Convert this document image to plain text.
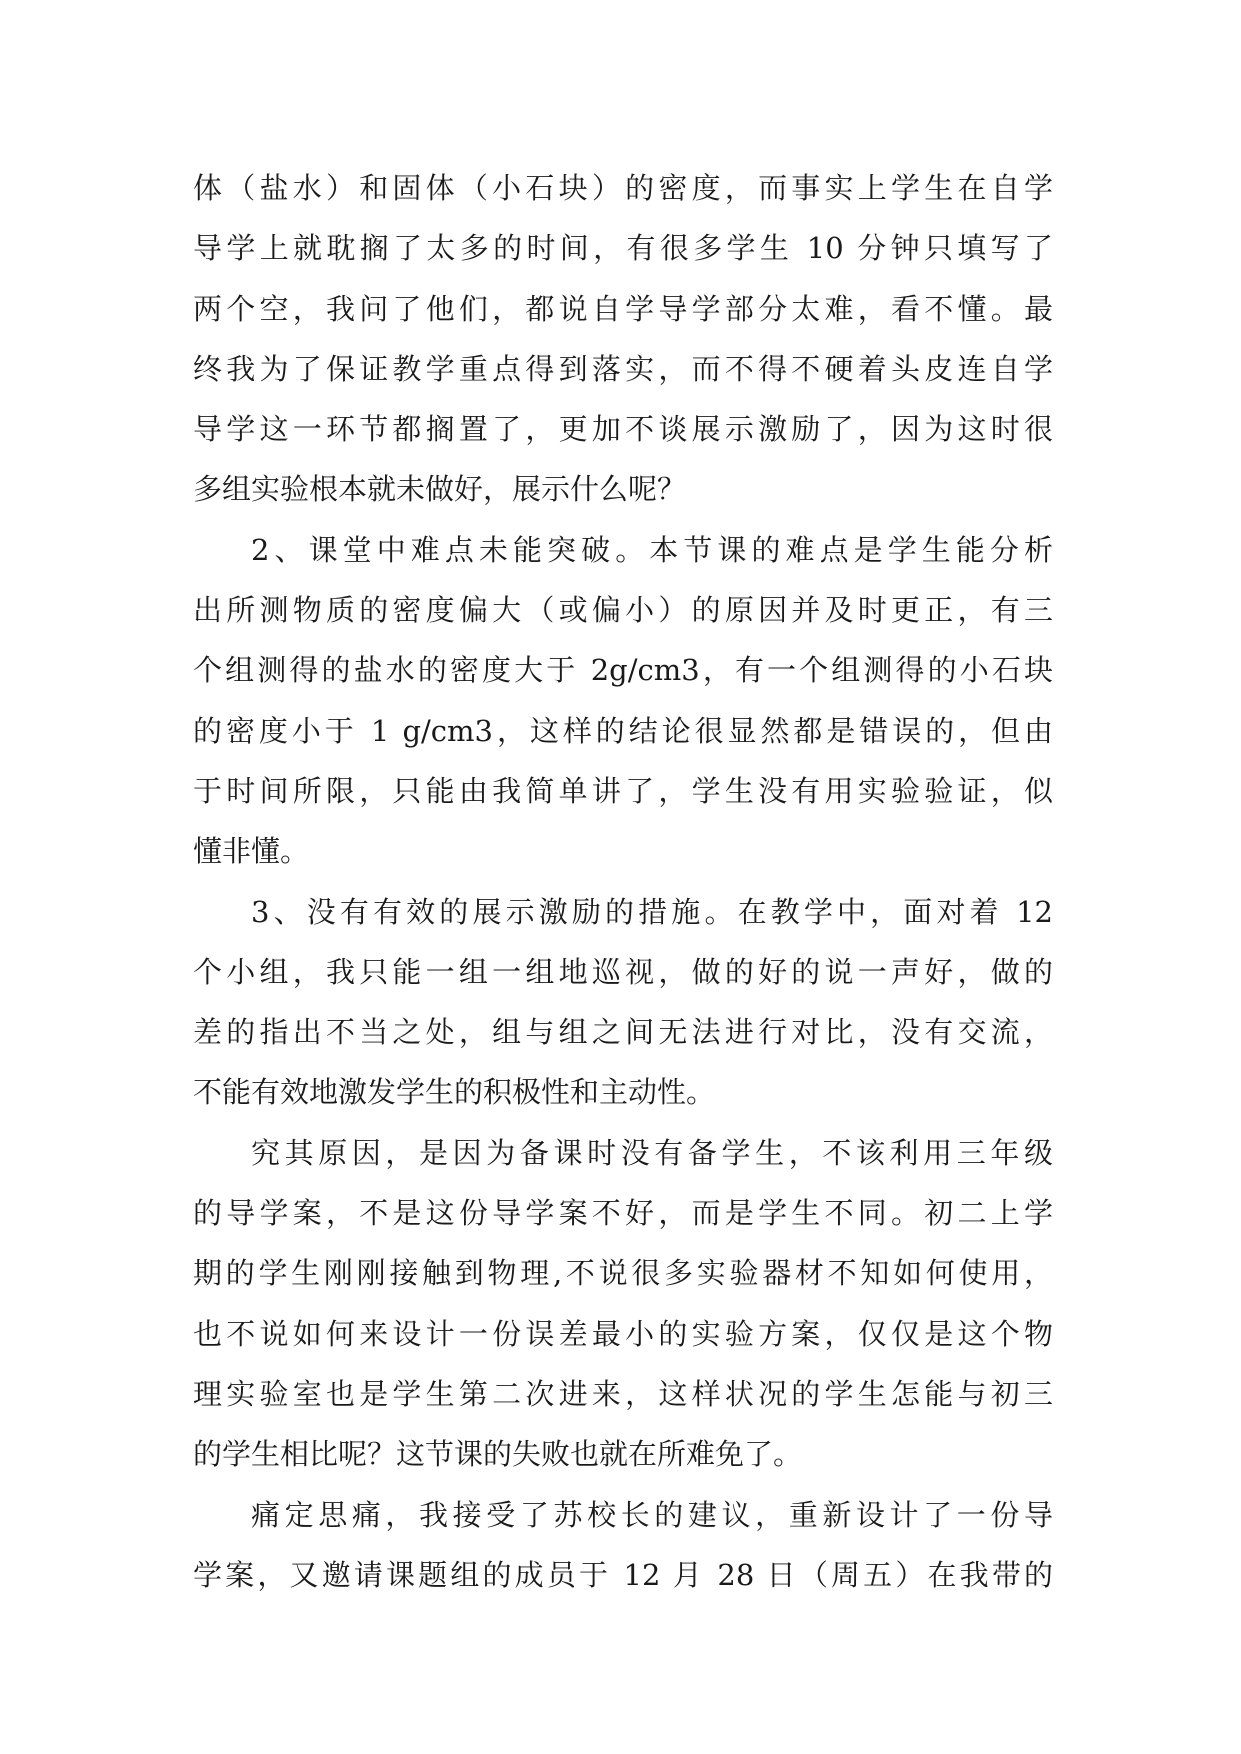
体（盐水）和固体（小石块）的密度，而事实上学生在自学
导学上就耽搁了太多的时间，有很多学生 10 分钟只填写了
两个空，我问了他们，都说自学导学部分太难，看不懂。最
终我为了保证教学重点得到落实，而不得不硬着头皮连自学
导学这一环节都搁置了，更加不谈展示激励了，因为这时很
多组实验根本就未做好，展示什么呢？
2、课堂中难点未能突破。本节课的难点是学生能分析
出所测物质的密度偏大（或偏小）的原因并及时更正，有三
个组测得的盐水的密度大于 2g/cm3，有一个组测得的小石块
的密度小于 1 g/cm3，这样的结论很显然都是错误的，但由
于时间所限，只能由我简单讲了，学生没有用实验验证，似
懂非懂。
3、没有有效的展示激励的措施。在教学中，面对着 12
个小组，我只能一组一组地巡视，做的好的说一声好，做的
差的指出不当之处，组与组之间无法进行对比，没有交流，
不能有效地激发学生的积极性和主动性。
究其原因，是因为备课时没有备学生，不该利用三年级
的导学案，不是这份导学案不好，而是学生不同。初二上学
期的学生刚刚接触到物理,不说很多实验器材不知如何使用，
也不说如何来设计一份误差最小的实验方案，仅仅是这个物
理实验室也是学生第二次进来，这样状况的学生怎能与初三
的学生相比呢？这节课的失败也就在所难免了。
痛定思痛，我接受了苏校长的建议，重新设计了一份导
学案，又邀请课题组的成员于 12 月 28 日（周五）在我带的
